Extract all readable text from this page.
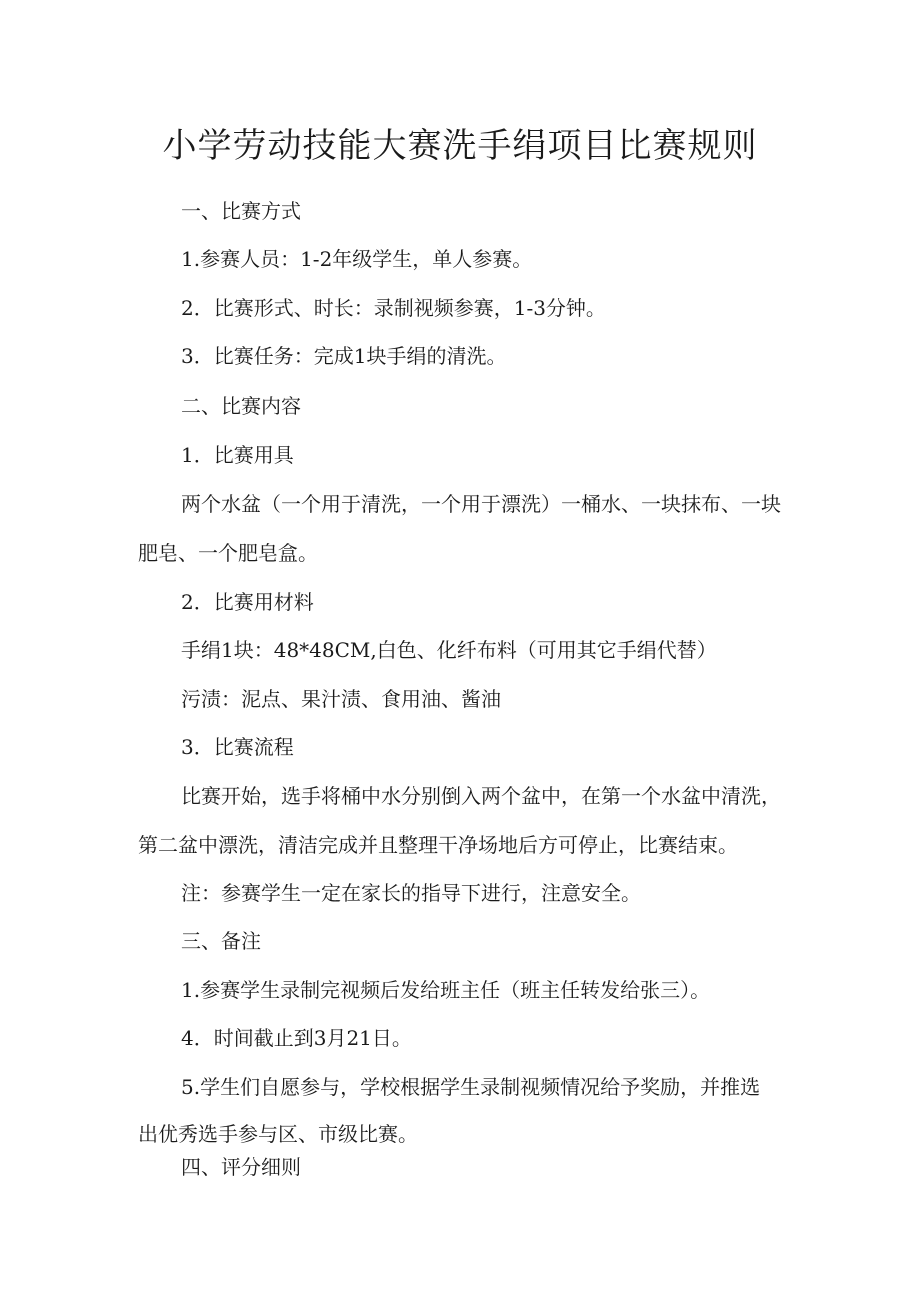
小学劳动技能大赛洗手绢项目比赛规则

一、比赛方式

1.参赛人员：1-2年级学生，单人参赛。

2．比赛形式、时长：录制视频参赛，1-3分钟。

3．比赛任务：完成1块手绢的清洗。

二、比赛内容

1．比赛用具

两个水盆（一个用于清洗，一个用于漂洗）一桶水、一块抹布、一块

肥皂、一个肥皂盒。

2．比赛用材料

手绢1块：48*48CM,白色、化纤布料（可用其它手绢代替）

污渍：泥点、果汁渍、食用油、酱油

3．比赛流程

比赛开始，选手将桶中水分别倒入两个盆中，在第一个水盆中清洗，

第二盆中漂洗，清洁完成并且整理干净场地后方可停止，比赛结束。

注：参赛学生一定在家长的指导下进行，注意安全。

三、备注

1.参赛学生录制完视频后发给班主任（班主任转发给张三）。

4．时间截止到3月21日。

5.学生们自愿参与，学校根据学生录制视频情况给予奖励，并推选

出优秀选手参与区、市级比赛。

四、评分细则
